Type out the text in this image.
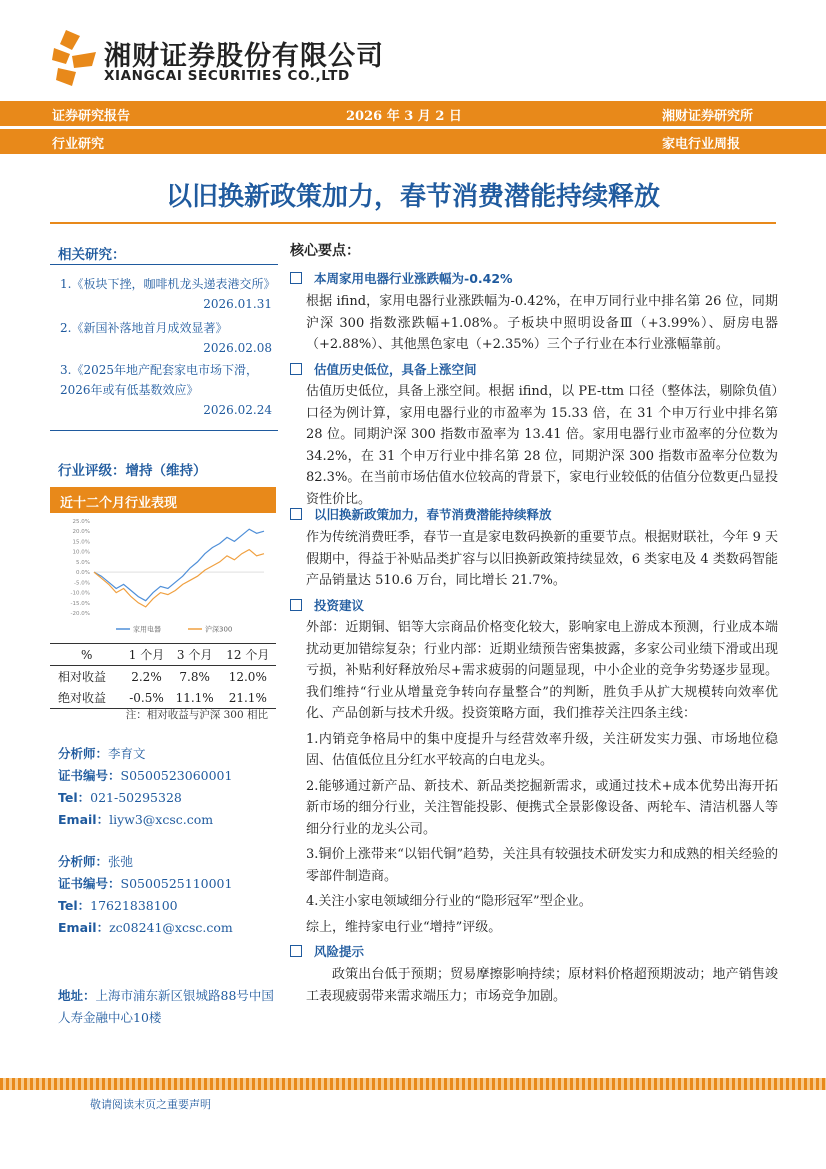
湘财证券股份有限公司
XIANGCAI SECURITIES CO.,LTD
证券研究报告	2026 年 3 月 2 日	湘财证券研究所
行业研究	家电行业周报
以旧换新政策加力，春节消费潜能持续释放
相关研究：
1.《板块下挫，咖啡机龙头递表港交所》
2026.01.31
2.《新国补落地首月成效显著》
2026.02.08
3.《2025年地产配套家电市场下滑，2026年或有低基数效应》
2026.02.24
行业评级：增持（维持）
近十二个月行业表现
25.0%
20.0%
15.0%
10.0%
5.0%
0.0%
-5.0%
-10.0%
-15.0%
-20.0%
家用电器	沪深300
%	1 个月	3 个月	12 个月
相对收益	2.2%	7.8%	12.0%
绝对收益	-0.5%	11.1%	21.1%
注：相对收益与沪深 300 相比
分析师：李育文
证书编号：S0500523060001
Tel：021-50295328
Email：liyw3@xcsc.com
分析师：张弛
证书编号：S0500525110001
Tel：17621838100
Email：zc08241@xcsc.com
地址：上海市浦东新区银城路88号中国人寿金融中心10楼
核心要点：
本周家用电器行业涨跌幅为-0.42%
根据 ifind，家用电器行业涨跌幅为-0.42%，在申万同行业中排名第 26 位，同期沪深 300 指数涨跌幅+1.08%。子板块中照明设备Ⅲ（+3.99%）、厨房电器（+2.88%）、其他黑色家电（+2.35%）三个子行业在本行业涨幅靠前。
估值历史低位，具备上涨空间
估值历史低位，具备上涨空间。根据 ifind，以 PE-ttm 口径（整体法，剔除负值）口径为例计算，家用电器行业的市盈率为 15.33 倍，在 31 个申万行业中排名第 28 位。同期沪深 300 指数市盈率为 13.41 倍。家用电器行业市盈率的分位数为 34.2%，在 31 个申万行业中排名第 28 位，同期沪深 300 指数市盈率分位数为 82.3%。在当前市场估值水位较高的背景下，家电行业较低的估值分位数更凸显投资性价比。
以旧换新政策加力，春节消费潜能持续释放
作为传统消费旺季，春节一直是家电数码换新的重要节点。根据财联社，今年 9 天假期中，得益于补贴品类扩容与以旧换新政策持续显效，6 类家电及 4 类数码智能产品销量达 510.6 万台，同比增长 21.7%。
投资建议
外部：近期铜、铝等大宗商品价格变化较大，影响家电上游成本预测，行业成本端扰动更加错综复杂；行业内部：近期业绩预告密集披露，多家公司业绩下滑或出现亏损，补贴利好释放殆尽+需求疲弱的问题显现，中小企业的竞争劣势逐步显现。我们维持“行业从增量竞争转向存量整合”的判断，胜负手从扩大规模转向效率优化、产品创新与技术升级。投资策略方面，我们推荐关注四条主线：
1.内销竞争格局中的集中度提升与经营效率升级，关注研发实力强、市场地位稳固、估值低位且分红水平较高的白电龙头。
2.能够通过新产品、新技术、新品类挖掘新需求，或通过技术+成本优势出海开拓新市场的细分行业，关注智能投影、便携式全景影像设备、两轮车、清洁机器人等细分行业的龙头公司。
3.铜价上涨带来“以铝代铜”趋势，关注具有较强技术研发实力和成熟的相关经验的零部件制造商。
4.关注小家电领域细分行业的“隐形冠军”型企业。
综上，维持家电行业“增持”评级。
风险提示
政策出台低于预期；贸易摩擦影响持续；原材料价格超预期波动；地产销售竣工表现疲弱带来需求端压力；市场竞争加剧。
敬请阅读末页之重要声明
